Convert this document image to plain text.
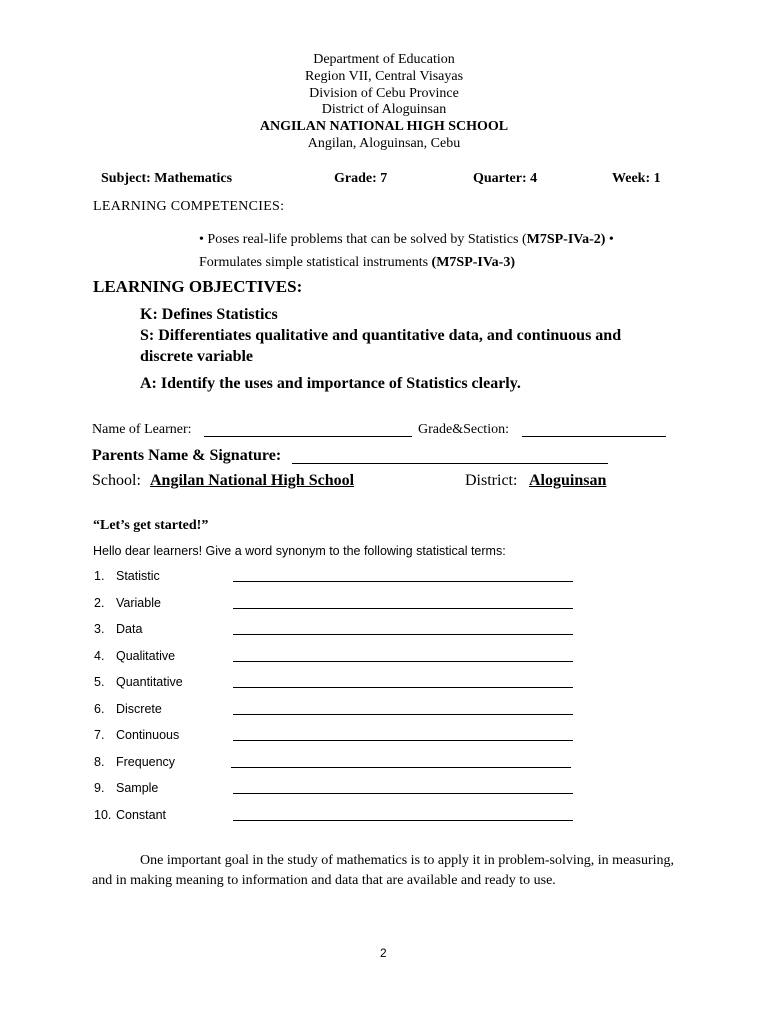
Department of Education
Region VII, Central Visayas
Division of Cebu Province
District of Aloguinsan
ANGILAN NATIONAL HIGH SCHOOL
Angilan, Aloguinsan, Cebu
Subject: Mathematics	Grade: 7	Quarter: 4	Week: 1
LEARNING COMPETENCIES:
• Poses real-life problems that can be solved by Statistics (M7SP-IVa-2) •
Formulates simple statistical instruments (M7SP-IVa-3)
LEARNING OBJECTIVES:
K: Defines Statistics
S: Differentiates qualitative and quantitative data, and continuous and
discrete variable
A: Identify the uses and importance of Statistics clearly.
Name of Learner:	Grade&Section:
Parents Name & Signature:
School: Angilan National High School	District: Aloguinsan
“Let’s get started!”
Hello dear learners! Give a word synonym to the following statistical terms:
1. Statistic
2. Variable
3. Data
4. Qualitative
5. Quantitative
6. Discrete
7. Continuous
8. Frequency
9. Sample
10. Constant
One important goal in the study of mathematics is to apply it in problem-solving, in measuring, and in making meaning to information and data that are available and ready to use.
2
